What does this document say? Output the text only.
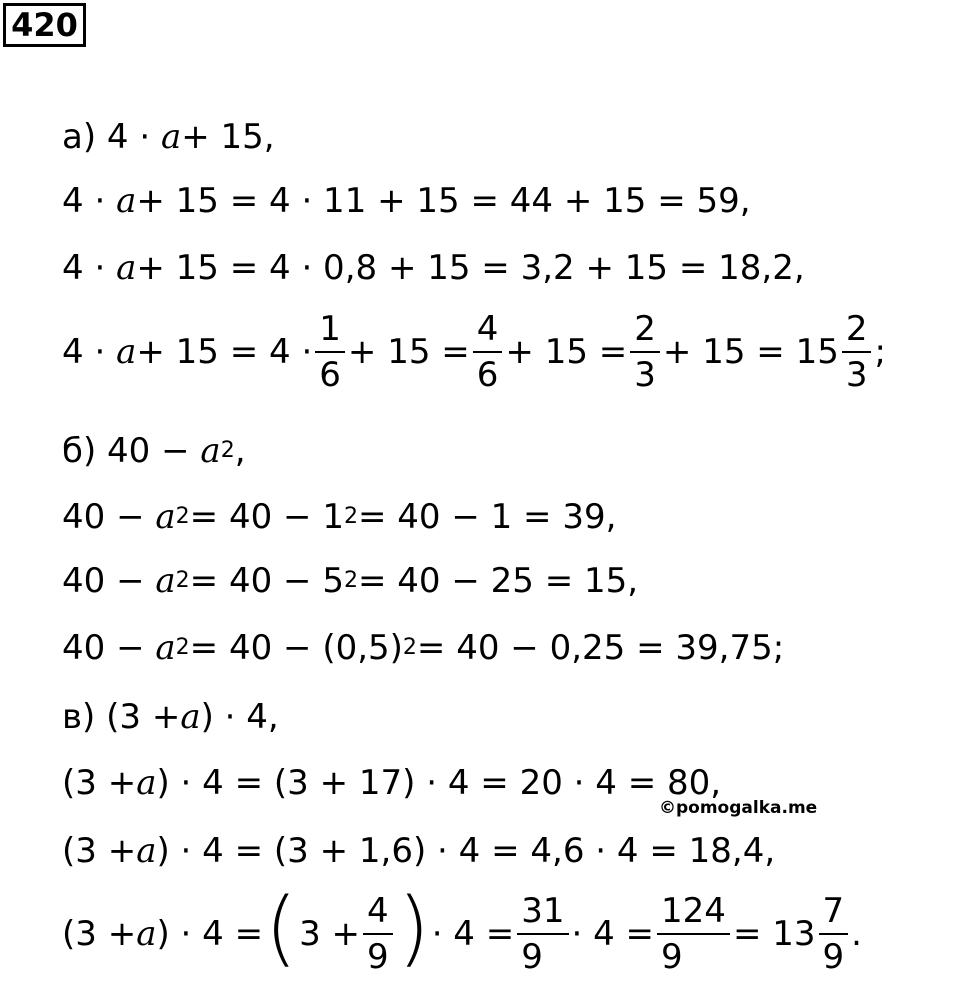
420
а) 4 ·
a + 15,
4 ·
a + 15 = 4 · 11 + 15 = 44 + 15 = 59,
4 ·
a + 15 = 4 · 0,8 + 15 = 3,2 + 15 = 18,2,
4 ·
$a + 15 = 4 \cdot \frac{1}{6} + 15 = \frac{4}{6} + 15 = \frac{2}{3} + 15 = 15 \frac{2}{3}$ ;
б) 40 −
a 2 ,
40 −
a 2 = 40 − 1 2 = 40 − 1 = 39,
40 −
a 2 = 40 − 5 2 = 40 − 25 = 15,
40 −
a 2 = 40 − (0,5) 2 = 40 − 0,25 = 39,75;
в) (3 + a ) · 4,
(3 + a ) · 4 = (3 + 17) · 4 = 20 · 4 = 80,
©pomogalka.me
(3 + a ) · 4 = (3 + 1,6) · 4 = 4,6 · 4 = 18,4,
(3 + a ) · 4 = ( $3 + \frac{4}{9}$ ) · $4 = \frac{31}{9} \cdot 4 = \frac{124}{9} = 13 \frac{7}{9}$ .
